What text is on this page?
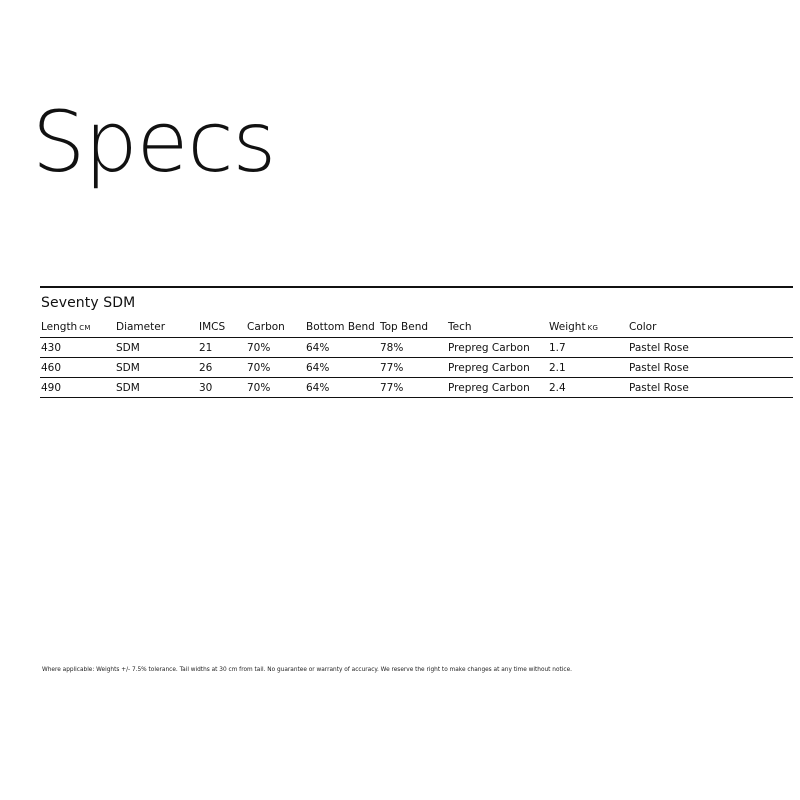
Specs
Seventy SDM
Length CM	Diameter	IMCS	Carbon	Bottom Bend	Top Bend	Tech	Weight KG	Color
430	SDM	21	70%	64%	78%	Prepreg Carbon	1.7	Pastel Rose
460	SDM	26	70%	64%	77%	Prepreg Carbon	2.1	Pastel Rose
490	SDM	30	70%	64%	77%	Prepreg Carbon	2.4	Pastel Rose

Where applicable: Weights +/- 7.5% tolerance. Tail widths at 30 cm from tail. No guarantee or warranty of accuracy. We reserve the right to make changes at any time without notice.
